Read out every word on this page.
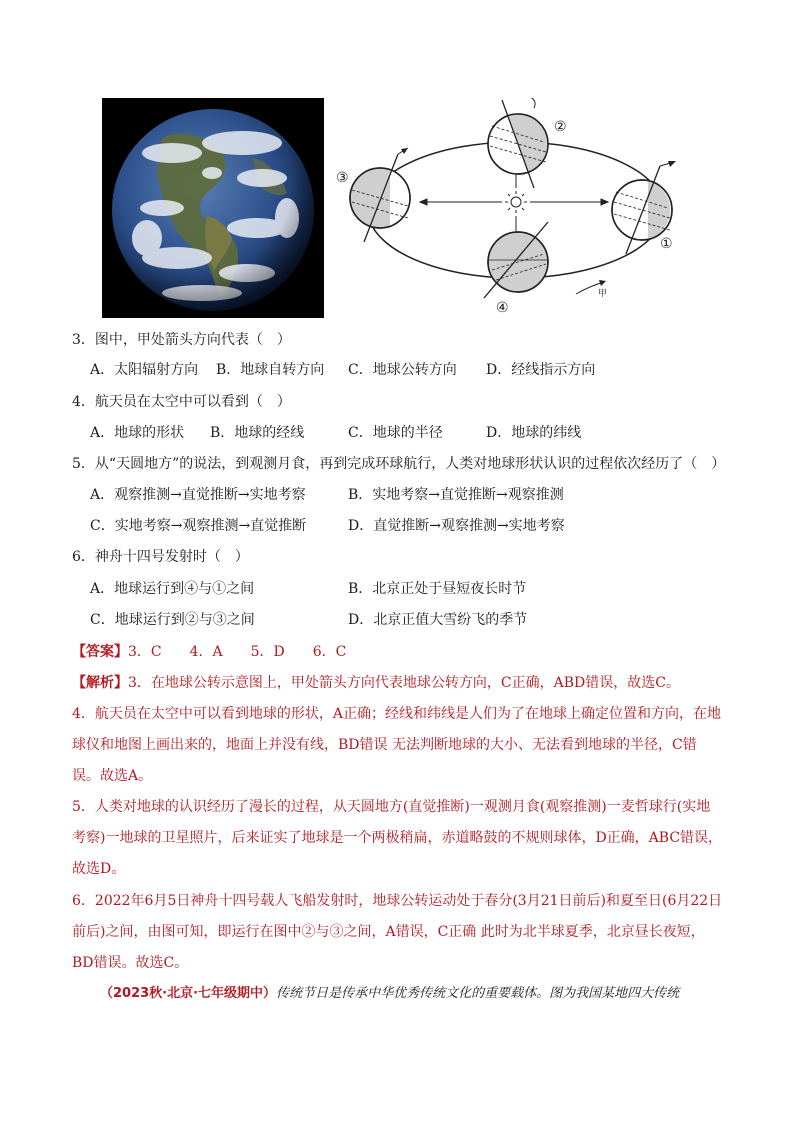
甲
②
③
①
④
3．图中，甲处箭头方向代表（　）
A．太阳辐射方向 B．地球自转方向 C．地球公转方向 D．经线指示方向
4．航天员在太空中可以看到（　）
A．地球的形状 B．地球的经线	C．地球的半径	D．地球的纬线
5．从“天圆地方”的说法，到观测月食，再到完成环球航行，人类对地球形状认识的过程依次经历了（　）
A．观察推测→直觉推断→实地考察	B．实地考察→直觉推断→观察推测
C．实地考察→观察推测→直觉推断	D．直觉推断→观察推测→实地考察
6．神舟十四号发射时（　）
A．地球运行到④与①之间	B．北京正处于昼短夜长时节
C．地球运行到②与③之间	D．北京正值大雪纷飞的季节
【答案】3．C　　4．A　　5．D　　6．C
【解析】3．在地球公转示意图上，甲处箭头方向代表地球公转方向，C正确，ABD错误，故选C。
4．航天员在太空中可以看到地球的形状，A正确；经线和纬线是人们为了在地球上确定位置和方向，在地球仪和地图上画出来的，地面上并没有线，BD错误 无法判断地球的大小、无法看到地球的半径，C错误。故选A。
5．人类对地球的认识经历了漫长的过程，从天圆地方(直觉推断)一观测月食(观察推测)一麦哲球行(实地考察)一地球的卫星照片，后来证实了地球是一个两极稍扁，赤道略鼓的不规则球体，D正确，ABC错误，故选D。
6．2022年6月5日神舟十四号载人飞船发射时，地球公转运动处于春分(3月21日前后)和夏至日(6月22日前后)之间，由图可知，即运行在图中②与③之间，A错误，C正确 此时为北半球夏季，北京昼长夜短，BD错误。故选C。
（2023秋·北京·七年级期中）传统节日是传承中华优秀传统文化的重要载体。图为我国某地四大传统
